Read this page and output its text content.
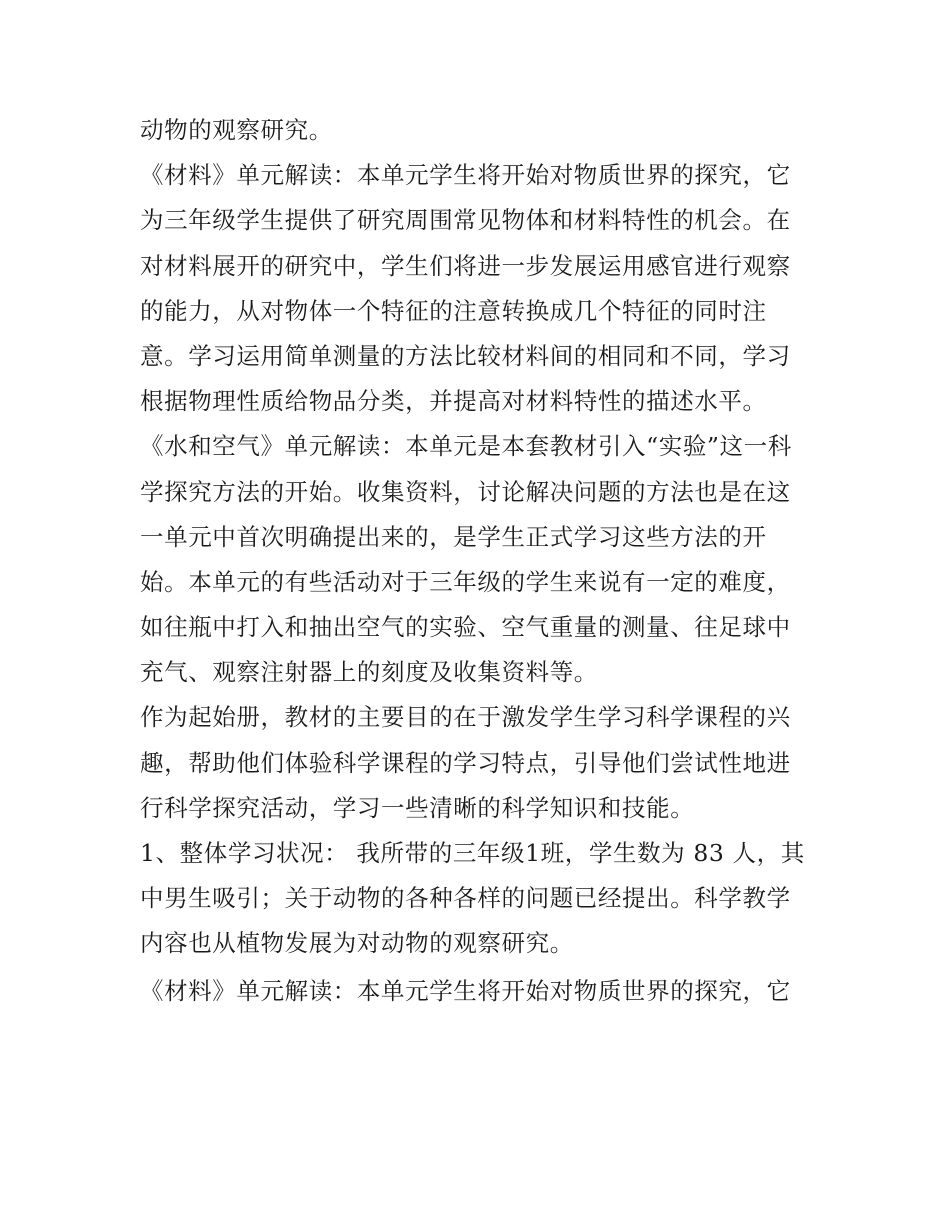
动物的观察研究。
《材料》单元解读：本单元学生将开始对物质世界的探究，它
为三年级学生提供了研究周围常见物体和材料特性的机会。在
对材料展开的研究中，学生们将进一步发展运用感官进行观察
的能力，从对物体一个特征的注意转换成几个特征的同时注
意。学习运用简单测量的方法比较材料间的相同和不同，学习
根据物理性质给物品分类，并提高对材料特性的描述水平。
《水和空气》单元解读：本单元是本套教材引入“实验”这一科
学探究方法的开始。收集资料，讨论解决问题的方法也是在这
一单元中首次明确提出来的，是学生正式学习这些方法的开
始。本单元的有些活动对于三年级的学生来说有一定的难度，
如往瓶中打入和抽出空气的实验、空气重量的测量、往足球中
充气、观察注射器上的刻度及收集资料等。
作为起始册，教材的主要目的在于激发学生学习科学课程的兴
趣，帮助他们体验科学课程的学习特点，引导他们尝试性地进
行科学探究活动，学习一些清晰的科学知识和技能。
1、整体学习状况： 我所带的三年级1班，学生数为 83 人，其
中男生吸引；关于动物的各种各样的问题已经提出。科学教学
内容也从植物发展为对动物的观察研究。
《材料》单元解读：本单元学生将开始对物质世界的探究，它
